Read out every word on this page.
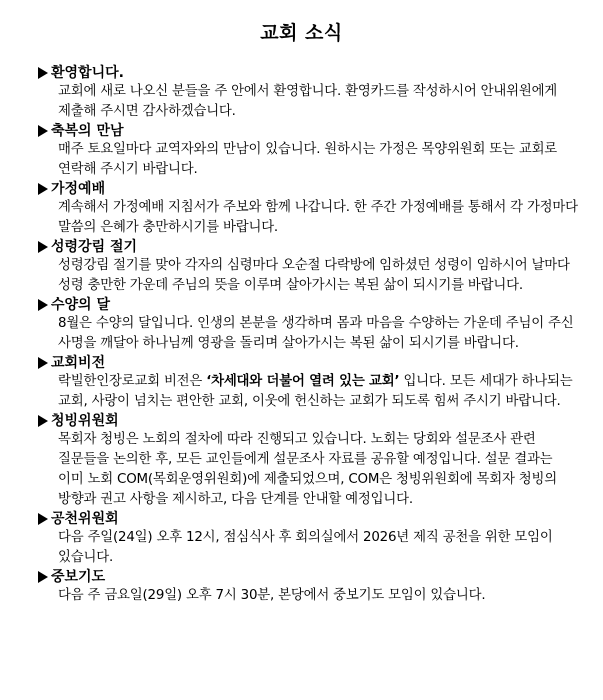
교회 소식
환영합니다.
교회에 새로 나오신 분들을 주 안에서 환영합니다. 환영카드를 작성하시어 안내위원에게 제출해 주시면 감사하겠습니다.
축복의 만남
매주 토요일마다 교역자와의 만남이 있습니다. 원하시는 가정은 목양위원회 또는 교회로 연락해 주시기 바랍니다.
가정예배
계속해서 가정예배 지침서가 주보와 함께 나갑니다. 한 주간 가정예배를 통해서 각 가정마다 말씀의 은혜가 충만하시기를 바랍니다.
성령강림 절기
성령강림 절기를 맞아 각자의 심령마다 오순절 다락방에 임하셨던 성령이 임하시어 날마다 성령 충만한 가운데 주님의 뜻을 이루며 살아가시는 복된 삶이 되시기를 바랍니다.
수양의 달
8월은 수양의 달입니다. 인생의 본분을 생각하며 몸과 마음을 수양하는 가운데 주님이 주신 사명을 깨달아 하나님께 영광을 돌리며 살아가시는 복된 삶이 되시기를 바랍니다.
교회비전
락빌한인장로교회 비전은 ‘차세대와 더불어 열려 있는 교회’ 입니다. 모든 세대가 하나되는 교회, 사랑이 넘치는 편안한 교회, 이웃에 헌신하는 교회가 되도록 힘써 주시기 바랍니다.
청빙위원회
목회자 청빙은 노회의 절차에 따라 진행되고 있습니다. 노회는 당회와 설문조사 관련 질문들을 논의한 후, 모든 교인들에게 설문조사 자료를 공유할 예정입니다. 설문 결과는 이미 노회 COM(목회운영위원회)에 제출되었으며, COM은 청빙위원회에 목회자 청빙의 방향과 권고 사항을 제시하고, 다음 단계를 안내할 예정입니다.
공천위원회
다음 주일(24일) 오후 12시, 점심식사 후 회의실에서 2026년 제직 공천을 위한 모임이 있습니다.
중보기도
다음 주 금요일(29일) 오후 7시 30분, 본당에서 중보기도 모임이 있습니다.
